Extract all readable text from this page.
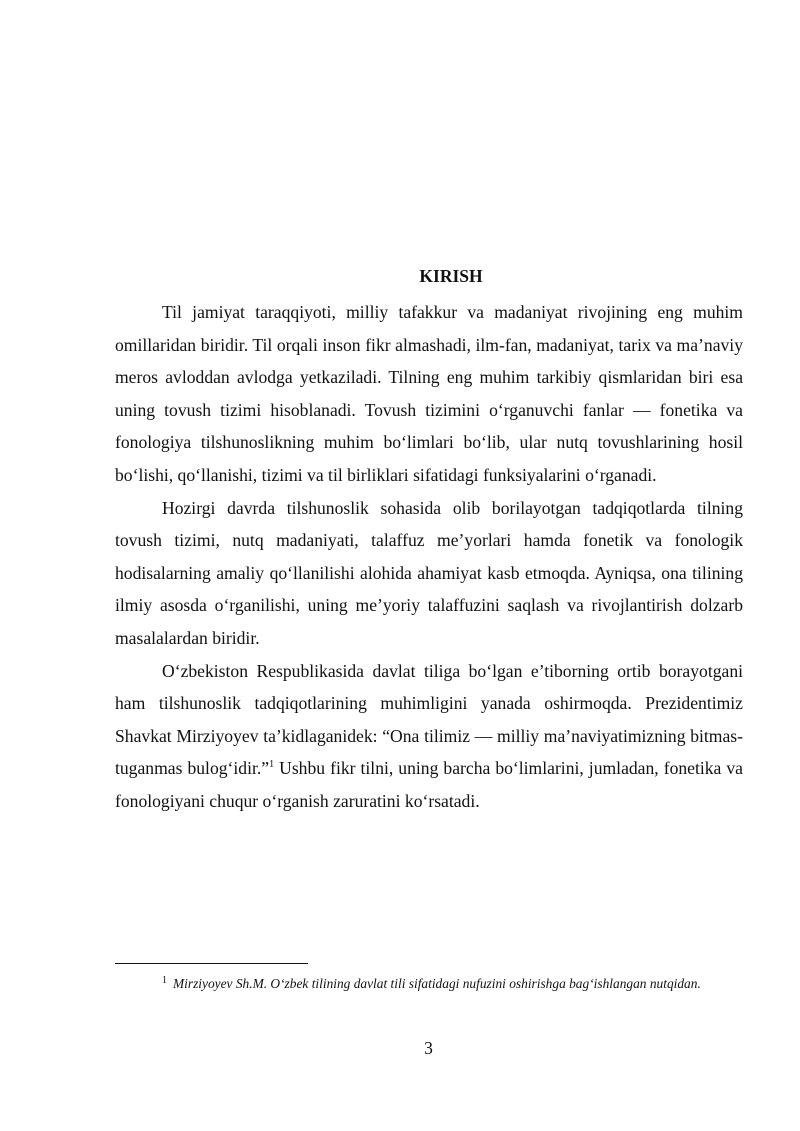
KIRISH

Til jamiyat taraqqiyoti, milliy tafakkur va madaniyat rivojining eng muhim omillaridan biridir. Til orqali inson fikr almashadi, ilm-fan, madaniyat, tarix va ma’naviy meros avloddan avlodga yetkaziladi. Tilning eng muhim tarkibiy qismlaridan biri esa uning tovush tizimi hisoblanadi. Tovush tizimini o‘rganuvchi fanlar — fonetika va fonologiya tilshunoslikning muhim bo‘limlari bo‘lib, ular nutq tovushlarining hosil bo‘lishi, qo‘llanishi, tizimi va til birliklari sifatidagi funksiyalarini o‘rganadi.

Hozirgi davrda tilshunoslik sohasida olib borilayotgan tadqiqotlarda tilning tovush tizimi, nutq madaniyati, talaffuz me’yorlari hamda fonetik va fonologik hodisalarning amaliy qo‘llanilishi alohida ahamiyat kasb etmoqda. Ayniqsa, ona tilining ilmiy asosda o‘rganilishi, uning me’yoriy talaffuzini saqlash va rivojlantirish dolzarb masalalardan biridir.

O‘zbekiston Respublikasida davlat tiliga bo‘lgan e’tiborning ortib borayotgani ham tilshunoslik tadqiqotlarining muhimligini yanada oshirmoqda. Prezidentimiz Shavkat Mirziyoyev ta’kidlaganidek: “Ona tilimiz — milliy ma’naviyatimizning bitmas-tuganmas bulog‘idir.”$^1$ Ushbu fikr tilni, uning barcha bo‘limlarini, jumladan, fonetika va fonologiyani chuqur o‘rganish zaruratini ko‘rsatadi.

$^1$ Mirziyoyev Sh.M. O‘zbek tilining davlat tili sifatidagi nufuzini oshirishga bag‘ishlangan nutqidan.

3
